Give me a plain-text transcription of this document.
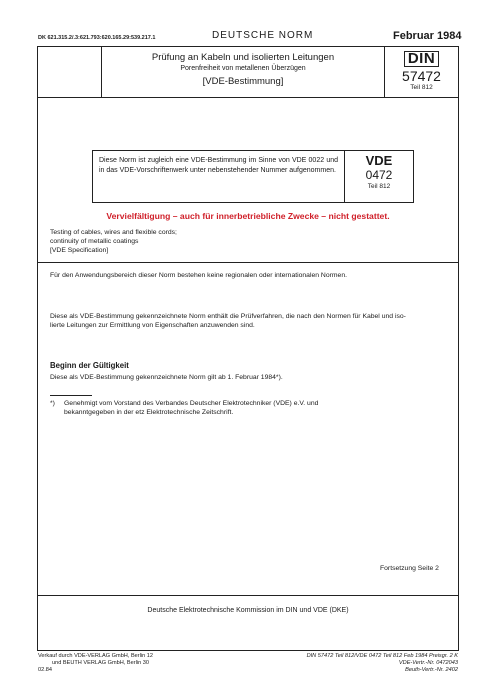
DK 621.315.2/.3:621.793:620.165.29:539.217.1	DEUTSCHE NORM	Februar 1984
Prüfung an Kabeln und isolierten Leitungen
Porenfreiheit von metallenen Überzügen
[VDE-Bestimmung]
DIN
57472
Teil 812
Diese Norm ist zugleich eine VDE-Bestimmung im Sinne von VDE 0022 und in das VDE-Vorschriftenwerk unter nebenstehender Nummer aufgenommen.
VDE
0472
Teil 812
Vervielfältigung – auch für innerbetriebliche Zwecke – nicht gestattet.
Testing of cables, wires and flexible cords;
continuity of metallic coatings
[VDE Specification]
Für den Anwendungsbereich dieser Norm bestehen keine regionalen oder internationalen Normen.
Diese als VDE-Bestimmung gekennzeichnete Norm enthält die Prüfverfahren, die nach den Normen für Kabel und iso-
lierte Leitungen zur Ermittlung von Eigenschaften anzuwenden sind.
Beginn der Gültigkeit
Diese als VDE-Bestimmung gekennzeichnete Norm gilt ab 1. Februar 1984*).
*) Genehmigt vom Vorstand des Verbandes Deutscher Elektrotechniker (VDE) e.V. und
bekanntgegeben in der etz Elektrotechnische Zeitschrift.
Fortsetzung Seite 2
Deutsche Elektrotechnische Kommission im DIN und VDE (DKE)
Verkauf durch VDE-VERLAG GmbH, Berlin 12
und BEUTH VERLAG GmbH, Berlin 30
02.84
DIN 57472 Teil 812/VDE 0472 Teil 812 Feb 1984 Preisgr. 2 K
VDE-Vertr.-Nr. 0472043
Beuth-Vertr.-Nr. 2402
